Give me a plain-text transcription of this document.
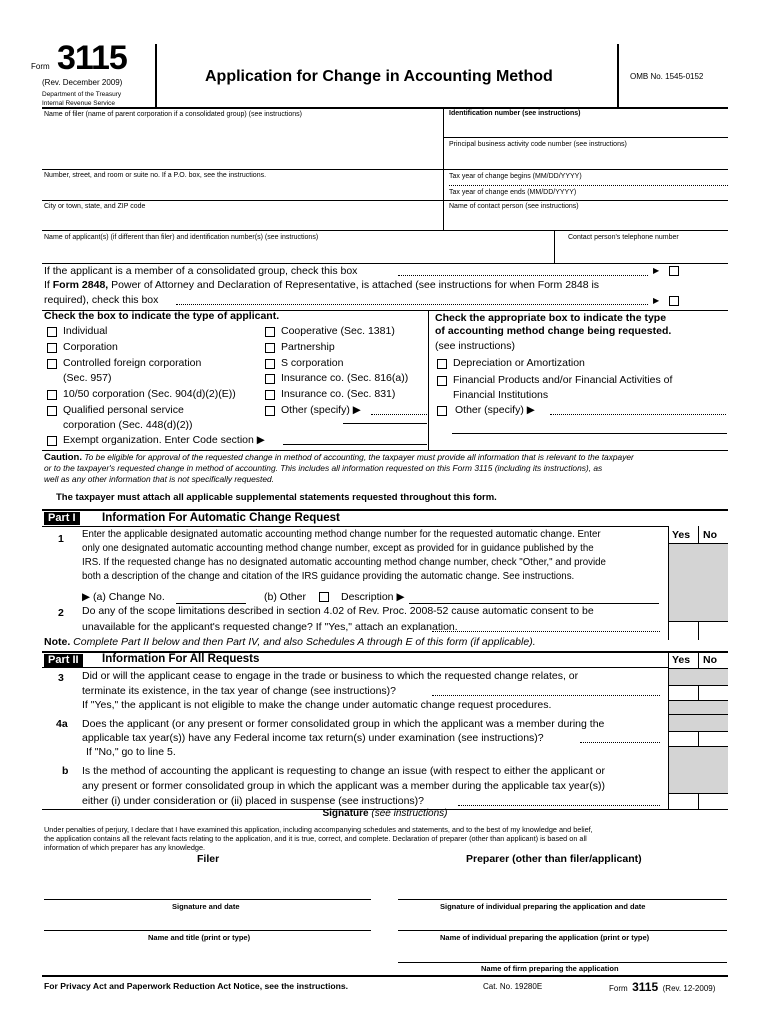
Form 3115
(Rev. December 2009)
Department of the Treasury
Internal Revenue Service
Application for Change in Accounting Method	OMB No. 1545-0152
Name of filer (name of parent corporation if a consolidated group) (see instructions)	Identification number (see instructions)
Principal business activity code number (see instructions)
Number, street, and room or suite no. If a P.O. box, see the instructions.	Tax year of change begins (MM/DD/YYYY)
Tax year of change ends (MM/DD/YYYY)
City or town, state, and ZIP code	Name of contact person (see instructions)
Name of applicant(s) (if different than filer) and identification number(s) (see instructions)	Contact person's telephone number
If the applicant is a member of a consolidated group, check this box	▶
If Form 2848, Power of Attorney and Declaration of Representative, is attached (see instructions for when Form 2848 is
required), check this box	▶
Check the box to indicate the type of applicant.
Individual
Corporation
Controlled foreign corporation
(Sec. 957)
10/50 corporation (Sec. 904(d)(2)(E))
Qualified personal service
corporation (Sec. 448(d)(2))
Exempt organization. Enter Code section ▶
Cooperative (Sec. 1381)
Partnership
S corporation
Insurance co. (Sec. 816(a))
Insurance co. (Sec. 831)
Other (specify) ▶
Check the appropriate box to indicate the type
of accounting method change being requested.
(see instructions)
Depreciation or Amortization
Financial Products and/or Financial Activities of
Financial Institutions
Other (specify) ▶
Caution. To be eligible for approval of the requested change in method of accounting, the taxpayer must provide all information that is relevant to the taxpayer
or to the taxpayer's requested change in method of accounting. This includes all information requested on this Form 3115 (including its instructions), as
well as any other information that is not specifically requested.
The taxpayer must attach all applicable supplemental statements requested throughout this form.
Part I	Information For Automatic Change Request
Yes No
1 Enter the applicable designated automatic accounting method change number for the requested automatic change. Enter
only one designated automatic accounting method change number, except as provided for in guidance published by the
IRS. If the requested change has no designated automatic accounting method change number, check "Other," and provide
both a description of the change and citation of the IRS guidance providing the automatic change. See instructions.
▶ (a) Change No.	(b) Other	Description ▶
2 Do any of the scope limitations described in section 4.02 of Rev. Proc. 2008-52 cause automatic consent to be
unavailable for the applicant's requested change? If "Yes," attach an explanation.
Note. Complete Part II below and then Part IV, and also Schedules A through E of this form (if applicable).
Part II	Information For All Requests	Yes No
3 Did or will the applicant cease to engage in the trade or business to which the requested change relates, or
terminate its existence, in the tax year of change (see instructions)?
If "Yes," the applicant is not eligible to make the change under automatic change request procedures.
4a Does the applicant (or any present or former consolidated group in which the applicant was a member during the
applicable tax year(s)) have any Federal income tax return(s) under examination (see instructions)?
If "No," go to line 5.
b Is the method of accounting the applicant is requesting to change an issue (with respect to either the applicant or
any present or former consolidated group in which the applicant was a member during the applicable tax year(s))
either (i) under consideration or (ii) placed in suspense (see instructions)?
Signature (see instructions)
Under penalties of perjury, I declare that I have examined this application, including accompanying schedules and statements, and to the best of my knowledge and belief,
the application contains all the relevant facts relating to the application, and it is true, correct, and complete. Declaration of preparer (other than applicant) is based on all
information of which preparer has any knowledge.
Filer	Preparer (other than filer/applicant)
Signature and date	Signature of individual preparing the application and date
Name and title (print or type)	Name of individual preparing the application (print or type)
Name of firm preparing the application
For Privacy Act and Paperwork Reduction Act Notice, see the instructions.	Cat. No. 19280E	Form 3115 (Rev. 12-2009)
